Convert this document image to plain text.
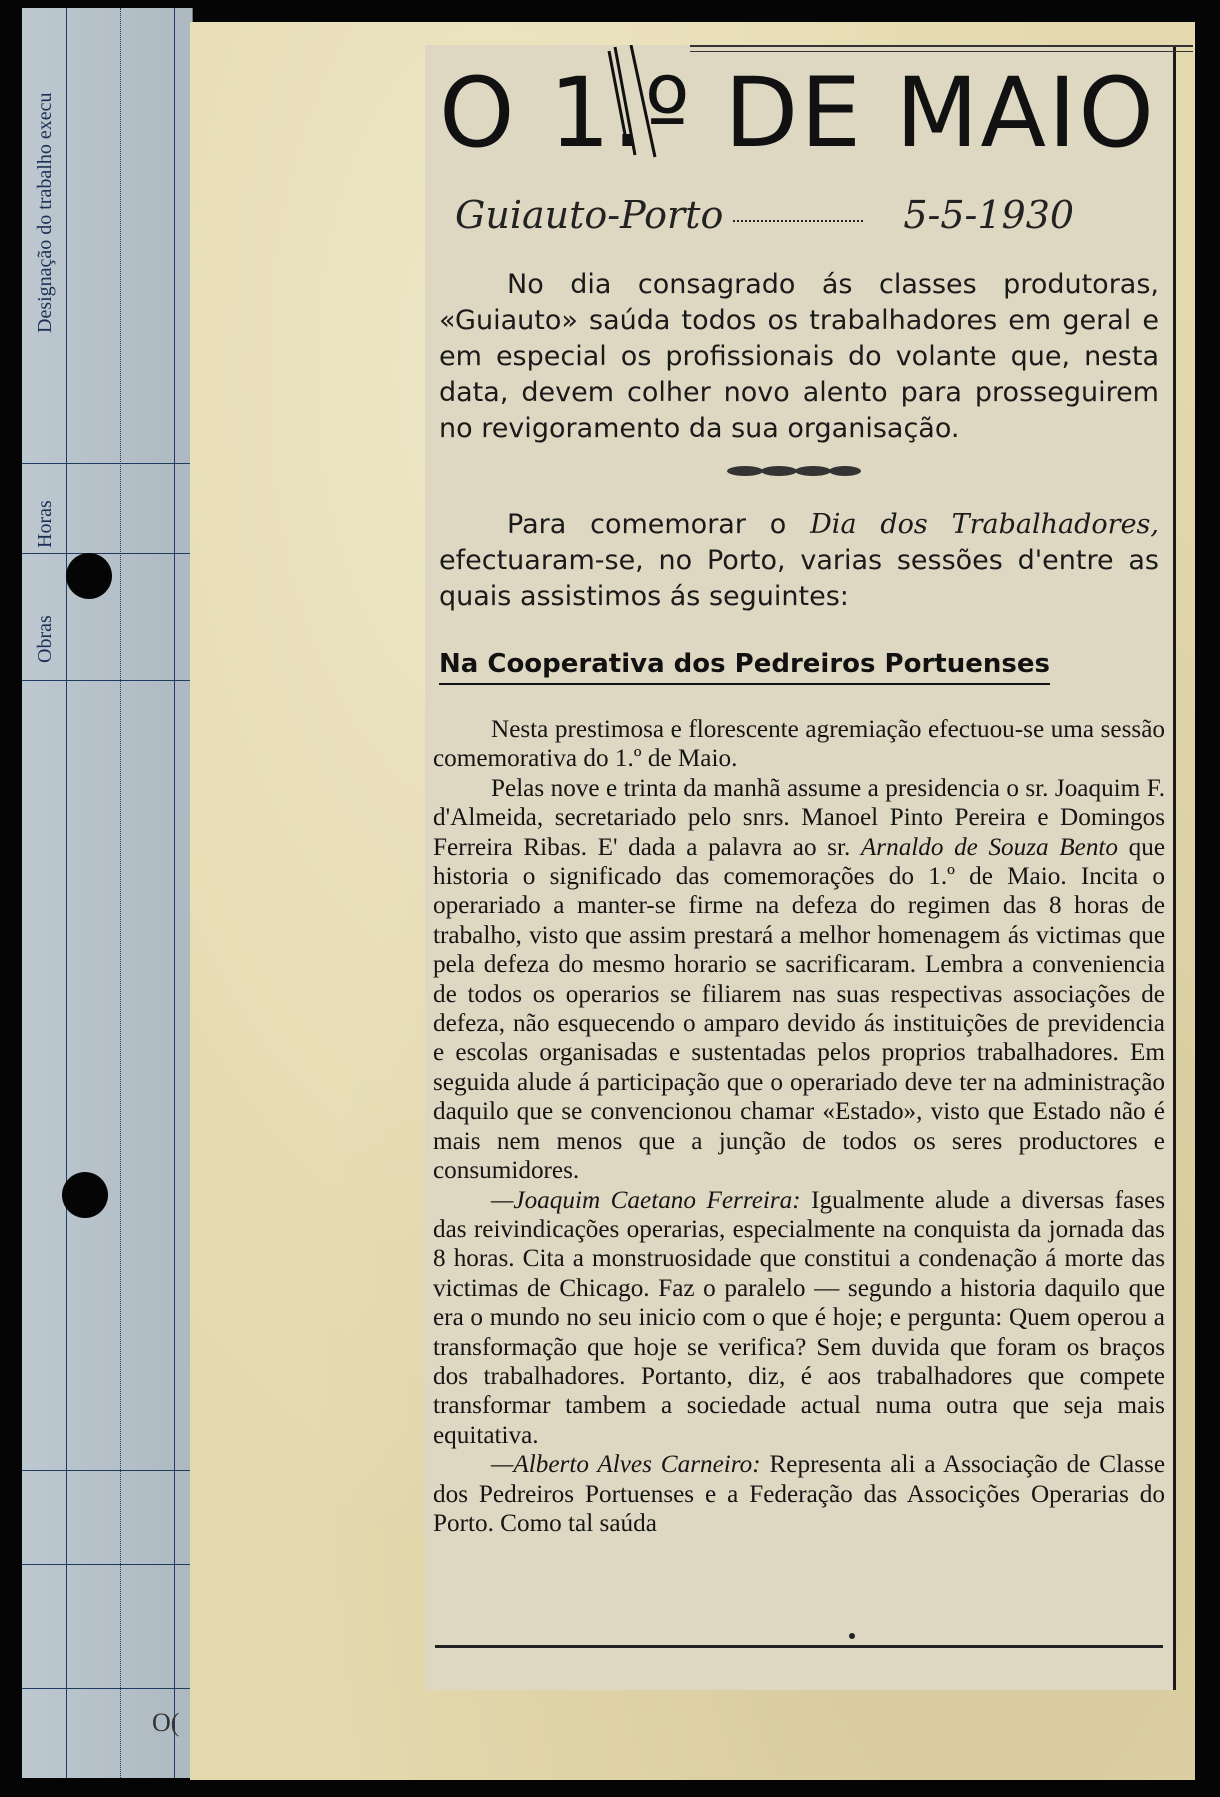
Designação do trabalho execu
Horas
Obras
O(
O 1.º DE MAIO
Guiauto-Porto	5-5-1930

No dia consagrado ás classes produtoras, «Guiauto» saúda todos os trabalhadores em geral e em especial os profissionais do volante que, nesta data, devem colher novo alento para prosseguirem no revigoramento da sua organisação.

Para comemorar o Dia dos Trabalhadores, efectuaram-se, no Porto, varias sessões d'entre as quais assistimos ás seguintes:

Na Cooperativa dos Pedreiros Portuenses

Nesta prestimosa e florescente agremiação efectuou-se uma sessão comemorativa do 1.º de Maio.

Pelas nove e trinta da manhã assume a presidencia o sr. Joaquim F. d'Almeida, secretariado pelo snrs. Manoel Pinto Pereira e Domingos Ferreira Ribas. E' dada a palavra ao sr. Arnaldo de Souza Bento que historia o significado das comemorações do 1.º de Maio. Incita o operariado a manter-se firme na defeza do regimen das 8 horas de trabalho, visto que assim prestará a melhor homenagem ás victimas que pela defeza do mesmo horario se sacrificaram. Lembra a conveniencia de todos os operarios se filiarem nas suas respectivas associações de defeza, não esquecendo o amparo devido ás instituições de previdencia e escolas organisadas e sustentadas pelos proprios trabalhadores. Em seguida alude á participação que o operariado deve ter na administração daquilo que se convencionou chamar «Estado», visto que Estado não é mais nem menos que a junção de todos os seres productores e consumidores.

—Joaquim Caetano Ferreira: Igualmente alude a diversas fases das reivindicações operarias, especialmente na conquista da jornada das 8 horas. Cita a monstruosidade que constitui a condenação á morte das victimas de Chicago. Faz o paralelo — segundo a historia daquilo que era o mundo no seu inicio com o que é hoje; e pergunta: Quem operou a transformação que hoje se verifica? Sem duvida que foram os braços dos trabalhadores. Portanto, diz, é aos trabalhadores que compete transformar tambem a sociedade actual numa outra que seja mais equitativa.

—Alberto Alves Carneiro: Representa ali a Associação de Classe dos Pedreiros Portuenses e a Federação das Associções Operarias do Porto. Como tal saúda
